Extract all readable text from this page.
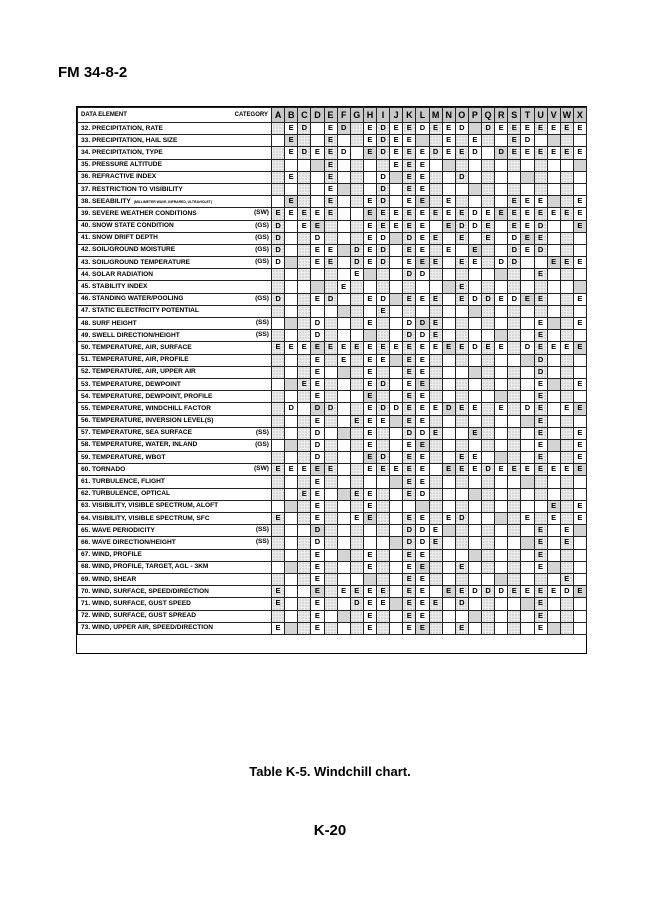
FM 34-8-2
DATA ELEMENT CATEGORY	A	B	C	D	E	F	G	H	I	J	K	L	M	N	O	P	Q	R	S	T	U	V	W	X
32. PRECIPITATION, RATE		E	D		E	D		E	D	E	E	D	E	E	D		D	E	E	E	E	E	E	E
33. PRECIPITATION, HAIL SIZE		E			E			E	D	E	E			E		E			E	D				
34. PRECIPITATION, TYPE		E	D	E	E	D		E	D	E	E	E	D	E	E	D		D	E	E	E	E	E	E
35. PRESSURE ALTITUDE					E					E	E	E												
36. REFRACTIVE INDEX		E			E				D		E	E			D									
37. RESTRICTION TO VISIBILITY					E				D		E	E												
38. SEEABILITY (MILLIMETER WAVE, INFRARED, ULTRAVIOLET)		E			E			E	D		E	E		E					E	E	E			E
39. SEVERE WEATHER CONDITIONS (SW)	E	E	E	E	E			E	E	E	E	E	E	E	E	D	E	E	E	E	E	E	E	E
40. SNOW STATE CONDITION (GS)	D		E	E				E	E	E	E	E		E	D	D	E		E	E	D			E
41. SNOW DRIFT DEPTH (GS)	D			D				E	D		D	E	E		E		E		D	E	E			
42. SOIL/GROUND MOISTURE (GS)	D			E	E		D	E	D		E	E		E		E			D	E	D			
43. SOIL/GROUND TEMPERATURE (GS)	D			E	E		D	E	D		E	E	E		E	E		D	D			E	E	E
44. SOLAR RADIATION							E				D	D									E			
45. STABILITY INDEX						E									E									
46. STANDING WATER/POOLING (GS)	D			E	D			E	D		E	E	E		E	D	D	E	D	E	E			E
47. STATIC ELECTRICITY POTENTIAL									E															
48. SURF HEIGHT (SS)				D				E			D	D	E								E			E
49. SWELL DIRECTION/HEIGHT (SS)				D							D	D	E								E			
50. TEMPERATURE, AIR, SURFACE	E	E	E	E	E	E	E	E	E	E	E	E	E	E	E	D	E	E		D	E	E	E	E
51. TEMPERATURE, AIR, PROFILE				E		E		E	E		E	E									D			
52. TEMPERATURE, AIR, UPPER AIR				E				E			E	E									D			
53. TEMPERATURE, DEWPOINT			E	E				E	D		E	E									E			E
54. TEMPERATURE, DEWPOINT, PROFILE				E				E			E	E									E			
55. TEMPERATURE, WINDCHILL FACTOR		D		D	D			E	D	D	E	E	E	D	E	E		E		D	E		E	E
56. TEMPERATURE, INVERSION LEVEL(S)				E			E	E	E		E	E									E			
57. TEMPERATURE, SEA SURFACE (SS)				D				E			D	D	E			E					E			E
58. TEMPERATURE, WATER, INLAND (GS)				D				E			E	E									E			E
59. TEMPERATURE, WBGT				D				E	D		E	E			E	E					E			E
60. TORNADO (SW)	E	E	E	E	E			E	E	E	E	E		E	E	E	D	E	E	E	E	E	E	E
61. TURBULENCE, FLIGHT				E							E	E												
62. TURBULENCE, OPTICAL			E	E			E	E			E	D												
63. VISIBILITY, VISIBLE SPECTRUM, ALOFT				E				E														E		E
64. VISIBILITY, VISIBLE SPECTRUM, SFC	E			E			E	E			E	E		E	D					E		E		E
65. WAVE PERIODICITY (SS)				D							D	D	E								E		E	
66. WAVE DIRECTION/HEIGHT (SS)				D							D	D	E								E		E	
67. WIND, PROFILE				E				E			E	E									E			
68. WIND, PROFILE, TARGET, AGL - 3KM				E				E			E	E			E						E			
69. WIND, SHEAR				E							E	E											E	
70. WIND, SURFACE, SPEED/DIRECTION	E			E		E	E	E	E		E	E		E	E	D	D	D	E	E	E	E	D	E
71. WIND, SURFACE, GUST SPEED	E			E			D	E	E		E	E	E		D						E			
72. WIND, SURFACE, GUST SPREAD				E				E			E	E									E			
73. WIND, UPPER AIR, SPEED/DIRECTION	E			E				E			E	E			E						E			
Table K-5. Windchill chart.
K-20
